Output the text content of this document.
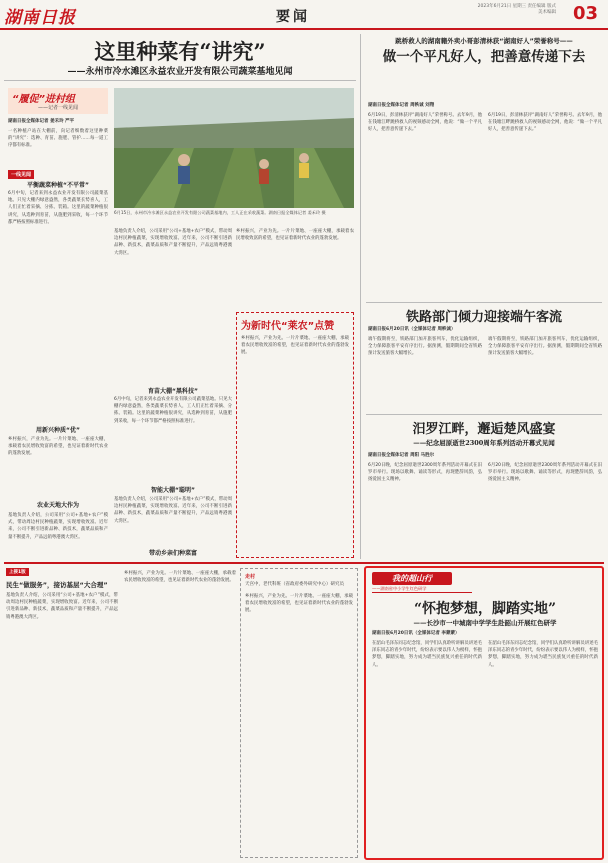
湖南日报	要闻
2023年6月21日 星期三 责任编辑 版式 美术编辑 03
这里种菜有“讲究”
——永州市冷水滩区永益农业开发有限公司蔬菜基地见闻
“履促”进村组
——记者一线见闻
湖南日报全媒体记者 姜禾玲 严平
一名种植户站在大棚前，向记者细数着这里种菜的“讲究”：选种、育苗、施肥、管护……每一道工序都有标准。
一线见闻
平衡蔬菜种植“不平常”
6月中旬，记者来到永益农业开发有限公司蔬菜基地。只见大棚内绿意盎然，各类蔬菜长势喜人，工人们正忙着采摘、分拣、装箱。这里的蔬菜种植很讲究，从选种到育苗，从施肥到采收，每一个环节都严格按照标准进行。
用新兴种质“优”
乡村振兴，产业为先。一片片菜地、一座座大棚，承载着农民增收致富的希望，也见证着新时代农业的蓬勃发展。
农业天地大作为
基地负责人介绍，公司采用“公司+基地+农户”模式，带动周边村民种植蔬菜，实现增收致富。近年来，公司不断引进新品种、新技术，蔬菜品质和产量不断提升，产品远销粤港澳大湾区。
6月15日，永州市冷水滩区永益农业开发有限公司蔬菜基地内，工人正在采收蔬菜。湖南日报全媒体记者 姜禾玲 摄
基地负责人介绍，公司采用“公司+基地+农户”模式，带动周边村民种植蔬菜，实现增收致富。近年来，公司不断引进新品种、新技术，蔬菜品质和产量不断提升，产品远销粤港澳大湾区。
乡村振兴，产业为先。一片片菜地、一座座大棚，承载着农民增收致富的希望，也见证着新时代农业的蓬勃发展。
育苗大棚“黑科技”
6月中旬，记者来到永益农业开发有限公司蔬菜基地。只见大棚内绿意盎然，各类蔬菜长势喜人，工人们正忙着采摘、分拣、装箱。这里的蔬菜种植很讲究，从选种到育苗，从施肥到采收，每一个环节都严格按照标准进行。
智能大棚“聪明”
基地负责人介绍，公司采用“公司+基地+农户”模式，带动周边村民种植蔬菜，实现增收致富。近年来，公司不断引进新品种、新技术，蔬菜品质和产量不断提升，产品远销粤港澳大湾区。
带动乡亲们种菜富
为新时代“莱农”点赞
乡村振兴，产业为先。一片片菜地、一座座大棚，承载着农民增收致富的希望，也见证着新时代农业的蓬勃发展。
跳桥救人的湖南籍外卖小哥彭清林获“湖南好人”荣誉称号——
做一个平凡好人，把善意传递下去
湖南日报全媒体记者 周帙诚 刘翔
6月19日，彭清林获评“湖南好人”荣誉称号。去年9月，他在钱塘江畔跳桥救人的视频感动全网，他说：“做一个平凡好人，把善意传递下去。”
6月19日，彭清林获评“湖南好人”荣誉称号。去年9月，他在钱塘江畔跳桥救人的视频感动全网，他说：“做一个平凡好人，把善意传递下去。”
铁路部门倾力迎接端午客流
湖南日报6月20日讯（全媒体记者 周帙诚）
端午假期将至，铁路部门加开旅客列车，优化运输组织，全力保障旅客平安有序出行。据预测，假期期间全省铁路预计发送旅客大幅增长。
端午假期将至，铁路部门加开旅客列车，优化运输组织，全力保障旅客平安有序出行。据预测，假期期间全省铁路预计发送旅客大幅增长。
汨罗江畔，邂逅楚风盛宴
——纪念屈原逝世2300周年系列活动开幕式见闻
湖南日报全媒体记者 周阳 马胜尔
6月20日晚，纪念屈原逝世2300周年系列活动开幕式在汨罗市举行。现场以歌舞、诵读等形式，再现楚辞风韵，弘扬爱国主义精神。
6月20日晚，纪念屈原逝世2300周年系列活动开幕式在汨罗市举行。现场以歌舞、诵读等形式，再现楚辞风韵，弘扬爱国主义精神。
上接1版
民生“做服务”，接访基层“大合理”
基地负责人介绍，公司采用“公司+基地+农户”模式，带动周边村民种植蔬菜，实现增收致富。近年来，公司不断引进新品种、新技术，蔬菜品质和产量不断提升，产品远销粤港澳大湾区。
乡村振兴，产业为先。一片片菜地、一座座大棚，承载着农民增收致富的希望，也见证着新时代农业的蓬勃发展。
走村
天宫中，老代科班（省政府委外研究中心）研究员
乡村振兴，产业为先。一片片菜地、一座座大棚，承载着农民增收致富的希望，也见证着新时代农业的蓬勃发展。
我的超山行
——湖南省中小学生红色研学
“怀抱梦想，脚踏实地”
——长沙市一中城南中学学生赴韶山开展红色研学
湖南日报6月20日讯（全媒体记者 李蒙蒙）
在韶山毛泽东同志纪念馆，同学们认真聆听讲解员讲述毛泽东同志的青少年时代，纷纷表示要以伟人为榜样，怀抱梦想，脚踏实地，努力成为堪当民族复兴重任的时代新人。
在韶山毛泽东同志纪念馆，同学们认真聆听讲解员讲述毛泽东同志的青少年时代，纷纷表示要以伟人为榜样，怀抱梦想，脚踏实地，努力成为堪当民族复兴重任的时代新人。
